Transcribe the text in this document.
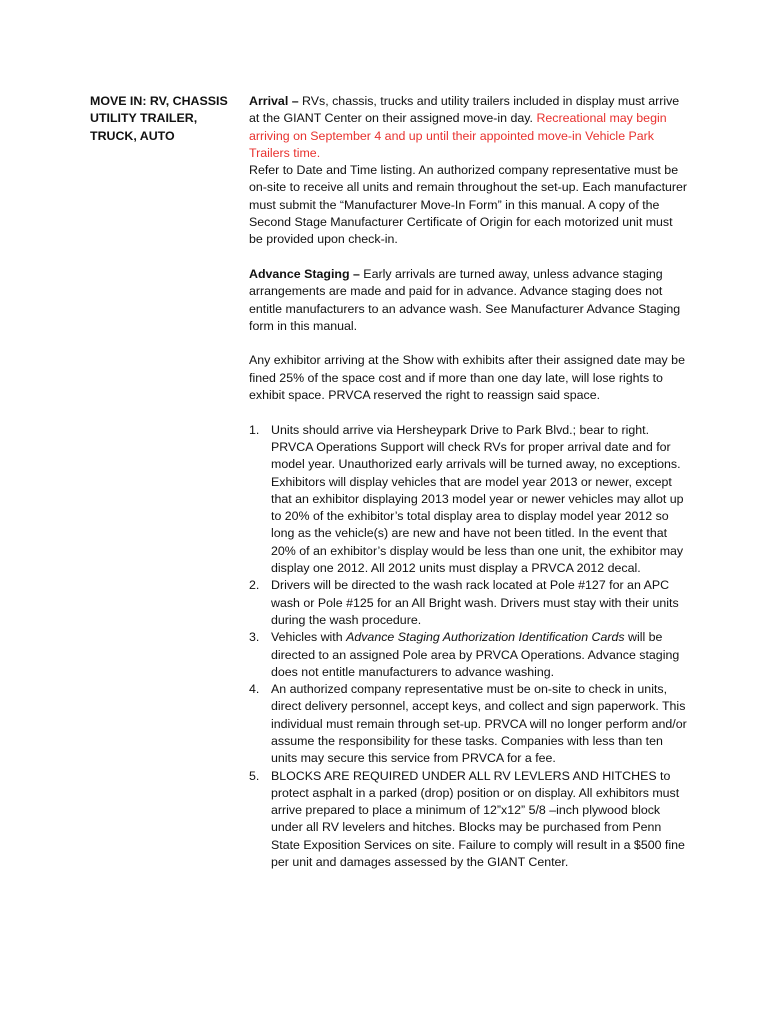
MOVE IN: RV, CHASSIS UTILITY TRAILER, TRUCK, AUTO

Arrival – RVs, chassis, trucks and utility trailers included in display must arrive at the GIANT Center on their assigned move-in day. Recreational may begin arriving on September 4 and up until their appointed move-in Vehicle Park Trailers time.

Refer to Date and Time listing. An authorized company representative must be on-site to receive all units and remain throughout the set-up. Each manufacturer

must submit the “Manufacturer Move-In Form” in this manual. A copy of the Second Stage Manufacturer Certificate of Origin for each motorized unit must be provided upon check-in.

Advance Staging – Early arrivals are turned away, unless advance staging arrangements are made and paid for in advance. Advance staging does not entitle manufacturers to an advance wash. See Manufacturer Advance Staging form in this manual.

Any exhibitor arriving at the Show with exhibits after their assigned date may be fined 25% of the space cost and if more than one day late, will lose rights to exhibit space. PRVCA reserved the right to reassign said space.

1. Units should arrive via Hersheypark Drive to Park Blvd.; bear to right. PRVCA Operations Support will check RVs for proper arrival date and for model year. Unauthorized early arrivals will be turned away, no exceptions. Exhibitors will display vehicles that are model year 2013 or newer, except that an exhibitor displaying 2013 model year or newer vehicles may allot up to 20% of the exhibitor’s total display area to display model year 2012 so long as the vehicle(s) are new and have not been titled. In the event that 20% of an exhibitor’s display would be less than one unit, the exhibitor may display one 2012. All 2012 units must display a PRVCA 2012 decal.
2. Drivers will be directed to the wash rack located at Pole #127 for an APC wash or Pole #125 for an All Bright wash. Drivers must stay with their units during the wash procedure.
3. Vehicles with Advance Staging Authorization Identification Cards will be directed to an assigned Pole area by PRVCA Operations. Advance staging does not entitle manufacturers to advance washing.
4. An authorized company representative must be on-site to check in units, direct delivery personnel, accept keys, and collect and sign paperwork. This individual must remain through set-up. PRVCA will no longer perform and/or assume the responsibility for these tasks. Companies with less than ten units may secure this service from PRVCA for a fee.
5. BLOCKS ARE REQUIRED UNDER ALL RV LEVLERS AND HITCHES to protect asphalt in a parked (drop) position or on display. All exhibitors must arrive prepared to place a minimum of 12”x12” 5/8 –inch plywood block under all RV levelers and hitches. Blocks may be purchased from Penn State Exposition Services on site. Failure to comply will result in a $500 fine per unit and damages assessed by the GIANT Center.
